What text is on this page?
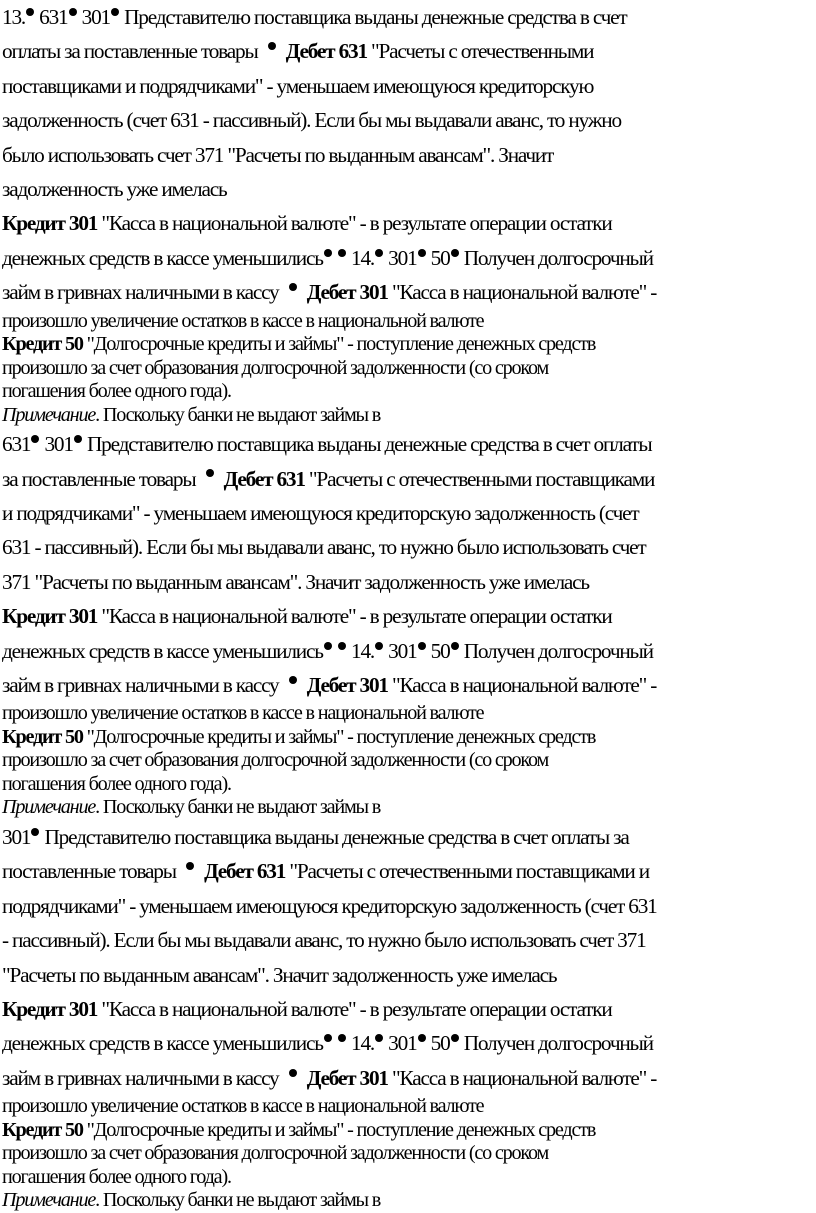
13. 631 301 Представителю поставщика выданы денежные средства в счет
оплаты за поставленные товары  Дебет 631 "Расчеты с отечественными
поставщиками и подрядчиками" - уменьшаем имеющуюся кредиторскую
задолженность (счет 631 - пассивный). Если бы мы выдавали аванс, то нужно
было использовать счет 371 "Расчеты по выданным авансам". Значит
задолженность уже имелась
Кредит 301 "Касса в национальной валюте" - в результате операции остатки
денежных средств в кассе уменьшились  14. 301 50 Получен долгосрочный
займ в гривнах наличными в кассу  Дебет 301 "Касса в национальной валюте" -
произошло увеличение остатков в кассе в национальной валюте
Кредит 50 "Долгосрочные кредиты и займы" - поступление денежных средств
произошло за счет образования долгосрочной задолженности (со сроком
погашения более одного года).
Примечание. Поскольку банки не выдают займы в
631 301 Представителю поставщика выданы денежные средства в счет оплаты
за поставленные товары  Дебет 631 "Расчеты с отечественными поставщиками
и подрядчиками" - уменьшаем имеющуюся кредиторскую задолженность (счет
631 - пассивный). Если бы мы выдавали аванс, то нужно было использовать счет
371 "Расчеты по выданным авансам". Значит задолженность уже имелась
Кредит 301 "Касса в национальной валюте" - в результате операции остатки
денежных средств в кассе уменьшились  14. 301 50 Получен долгосрочный
займ в гривнах наличными в кассу  Дебет 301 "Касса в национальной валюте" -
произошло увеличение остатков в кассе в национальной валюте
Кредит 50 "Долгосрочные кредиты и займы" - поступление денежных средств
произошло за счет образования долгосрочной задолженности (со сроком
погашения более одного года).
Примечание. Поскольку банки не выдают займы в
301 Представителю поставщика выданы денежные средства в счет оплаты за
поставленные товары  Дебет 631 "Расчеты с отечественными поставщиками и
подрядчиками" - уменьшаем имеющуюся кредиторскую задолженность (счет 631
- пассивный). Если бы мы выдавали аванс, то нужно было использовать счет 371
"Расчеты по выданным авансам". Значит задолженность уже имелась
Кредит 301 "Касса в национальной валюте" - в результате операции остатки
денежных средств в кассе уменьшились  14. 301 50 Получен долгосрочный
займ в гривнах наличными в кассу  Дебет 301 "Касса в национальной валюте" -
произошло увеличение остатков в кассе в национальной валюте
Кредит 50 "Долгосрочные кредиты и займы" - поступление денежных средств
произошло за счет образования долгосрочной задолженности (со сроком
погашения более одного года).
Примечание. Поскольку банки не выдают займы в
